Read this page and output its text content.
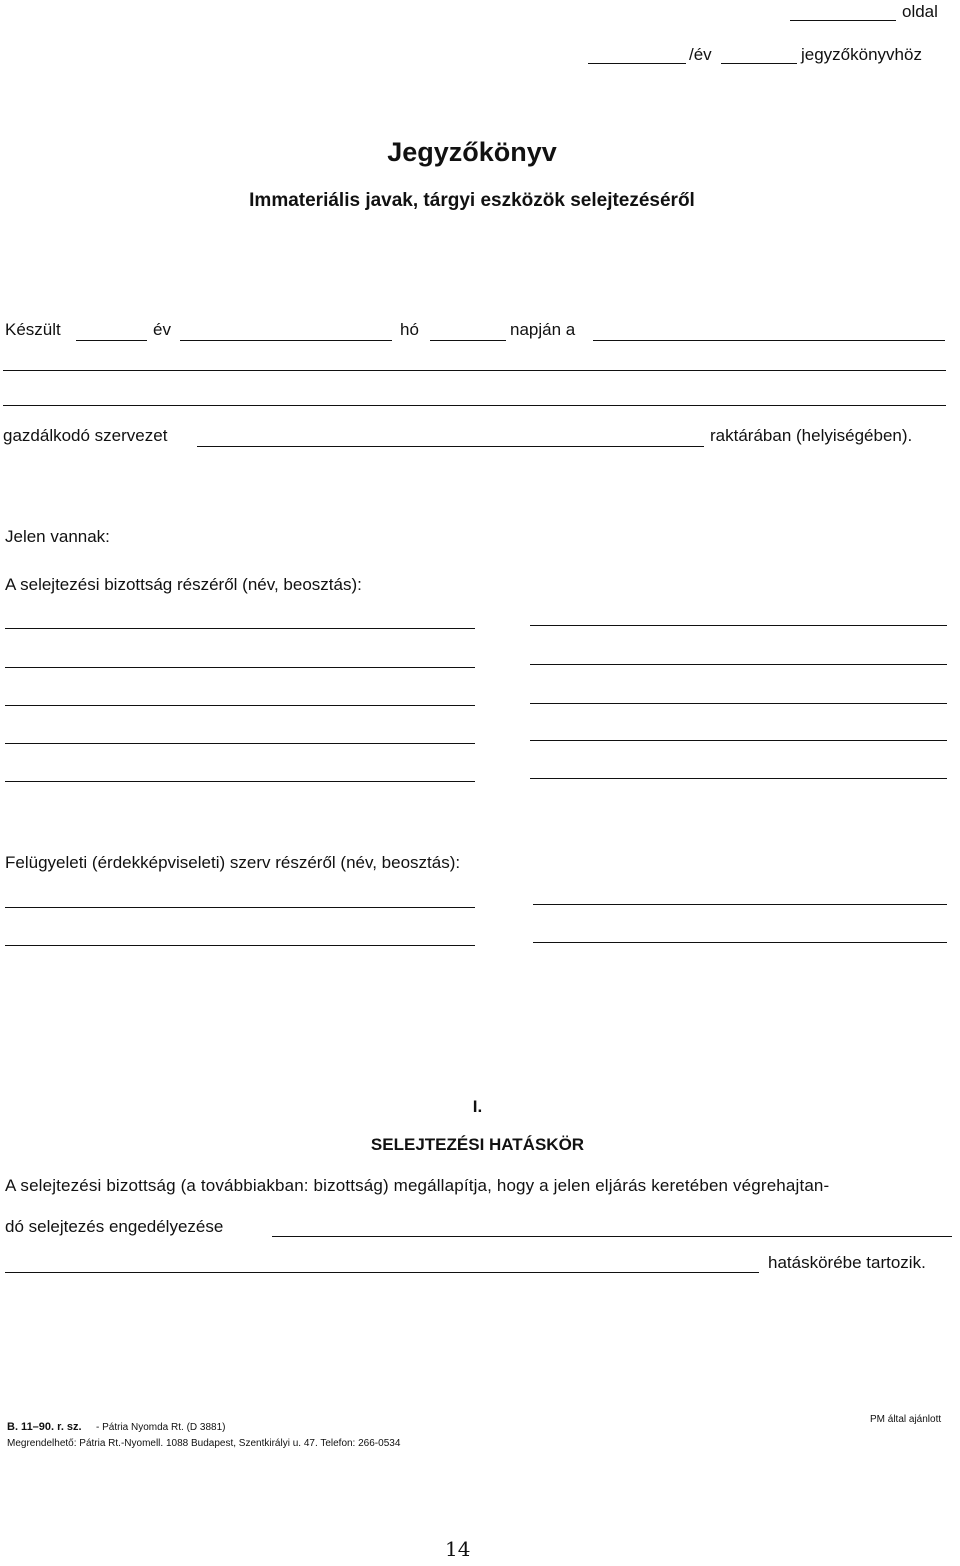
oldal
/év	jegyzőkönyvhöz
Jegyzőkönyv
Immateriális javak, tárgyi eszközök selejtezéséről
Készült	év	hó	napján a
gazdálkodó szervezet	raktárában (helyiségében).
Jelen vannak:
A selejtezési bizottság részéről (név, beosztás):
Felügyeleti (érdekképviseleti) szerv részéről (név, beosztás):
I.
SELEJTEZÉSI HATÁSKÖR
A selejtezési bizottság (a továbbiakban: bizottság) megállapítja, hogy a jelen eljárás keretében végrehajtan-
dó selejtezés engedélyezése
hatáskörébe tartozik.
B. 11–90. r. sz. - Pátria Nyomda Rt. (D 3881)
Megrendelhető: Pátria Rt.-Nyomell. 1088 Budapest, Szentkirályi u. 47. Telefon: 266-0534
PM által ajánlott
14
